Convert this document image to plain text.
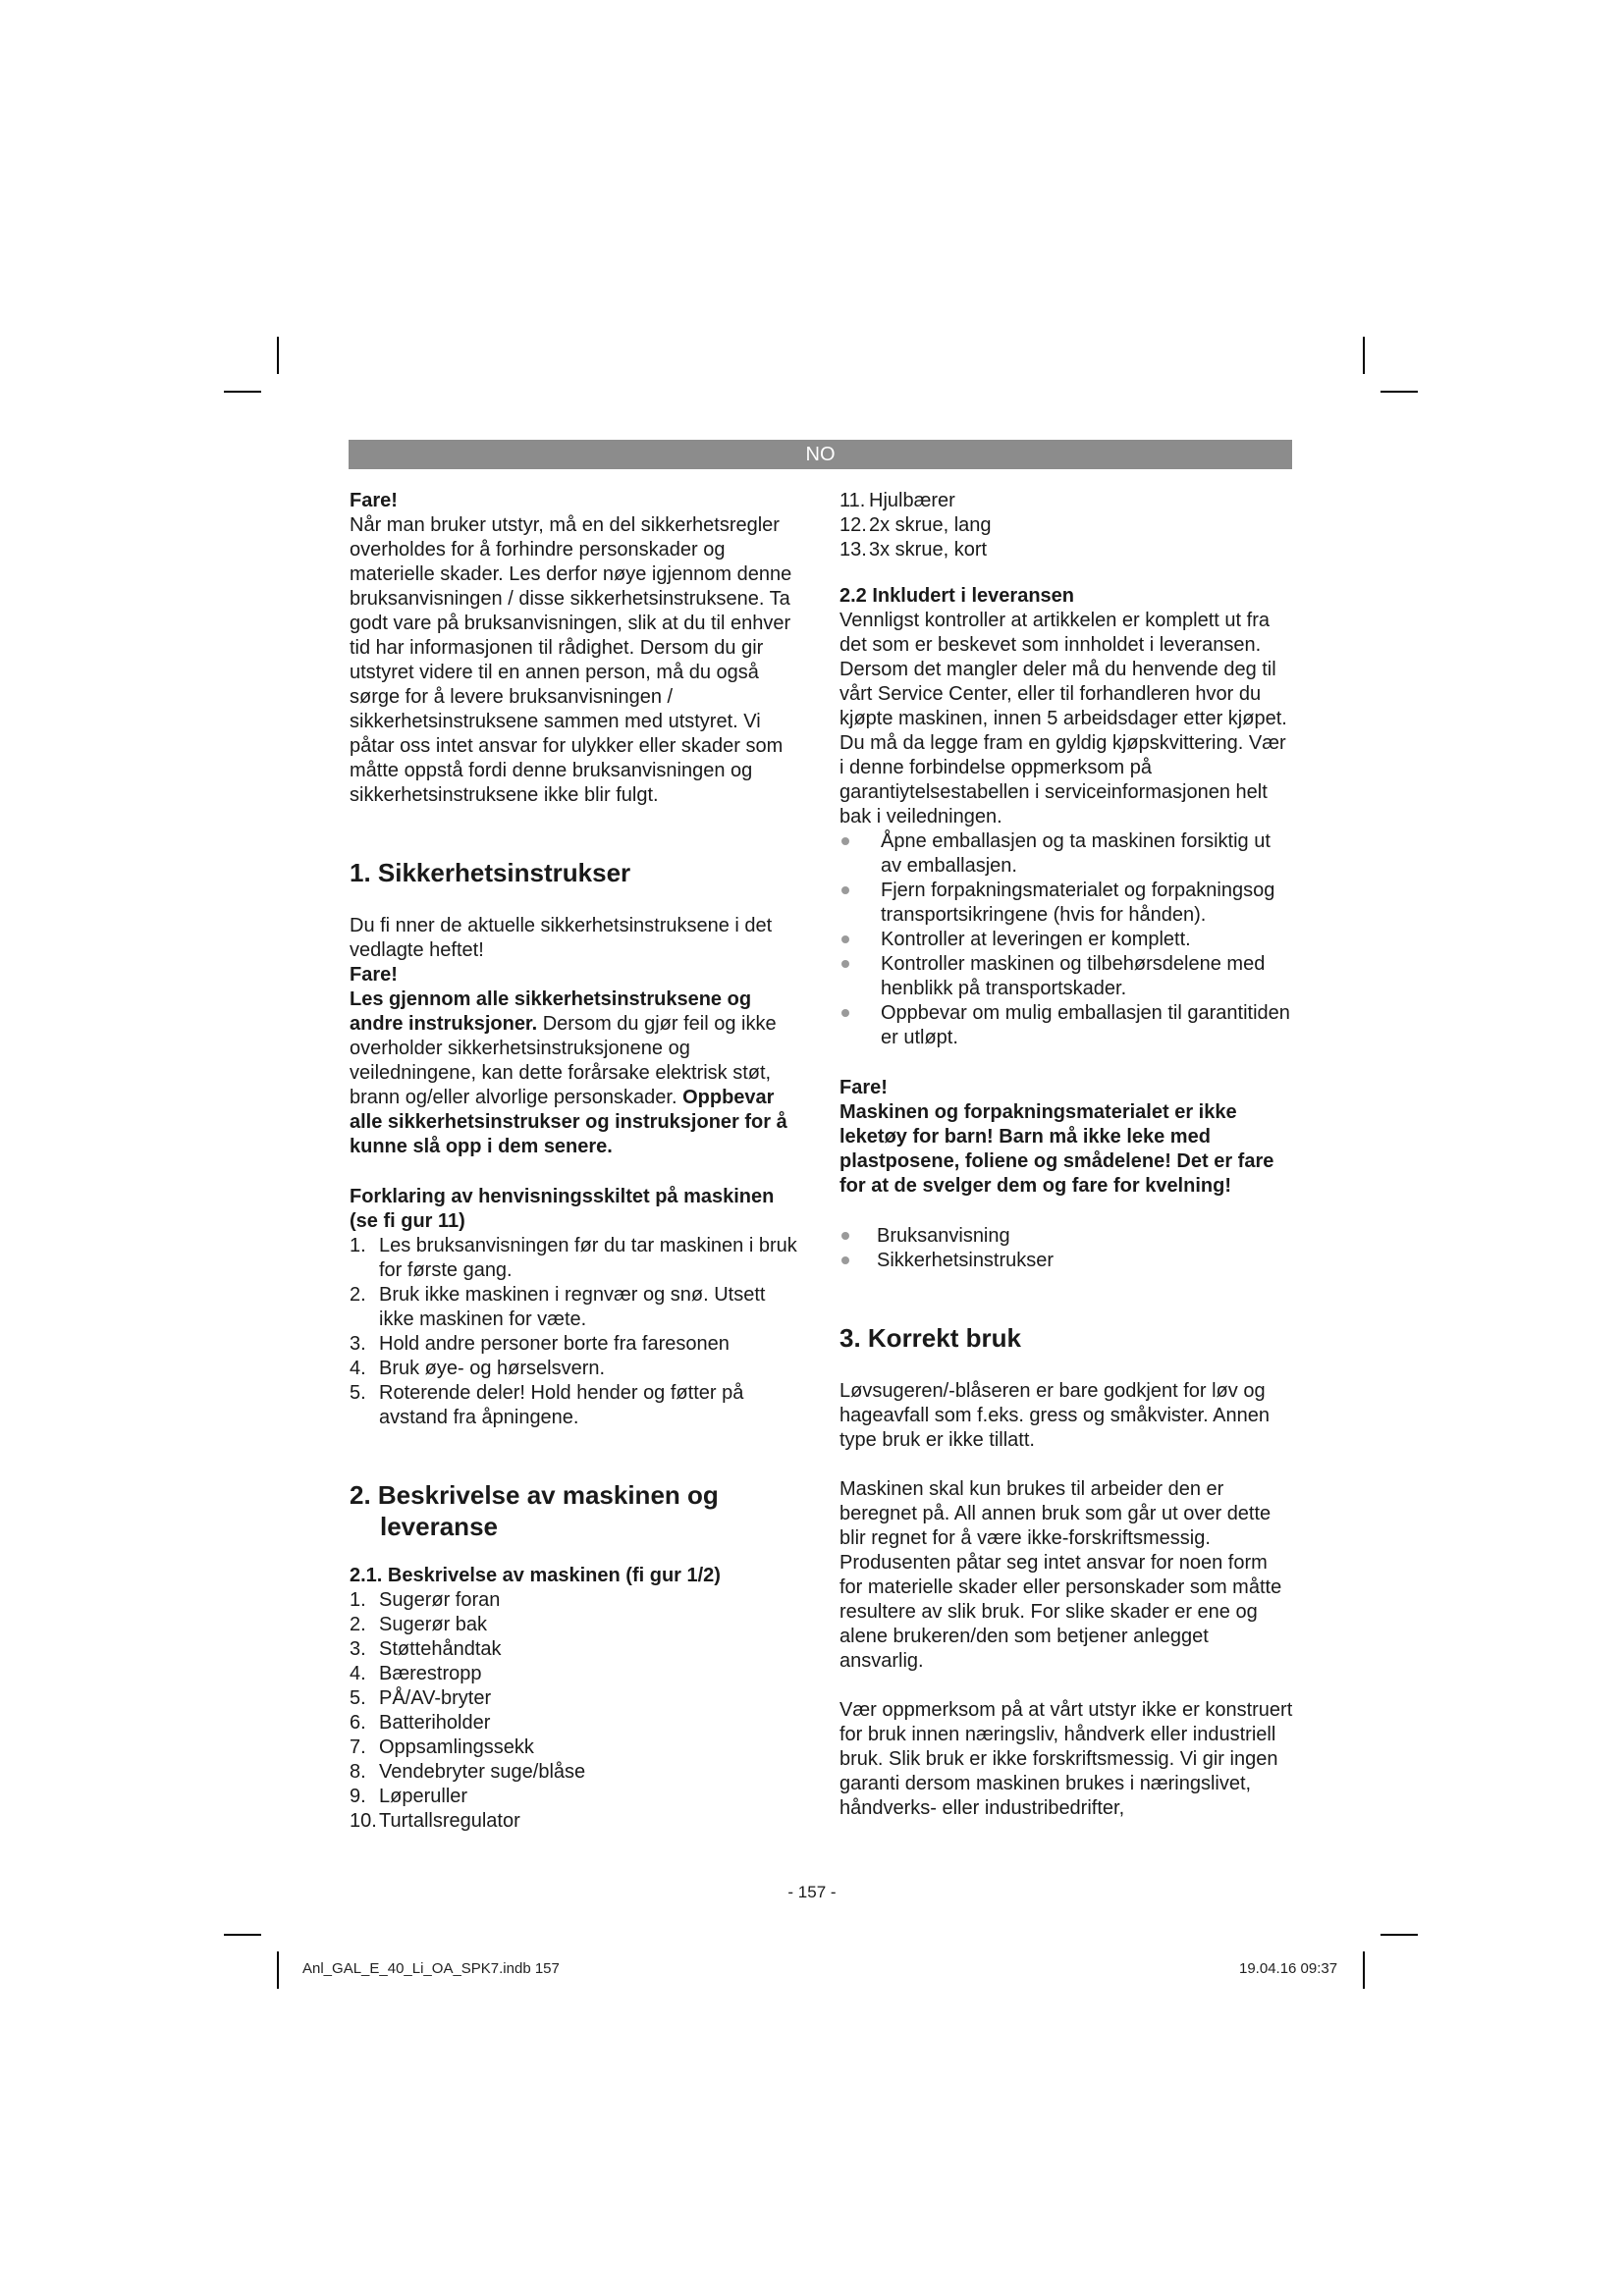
NO

Fare!

Når man bruker utstyr, må en del sikkerhetsregler overholdes for å forhindre personskader og materielle skader. Les derfor nøye igjennom denne bruksanvisningen / disse sikkerhetsinstruksene. Ta godt vare på bruksanvisningen, slik at du til enhver tid har informasjonen til rådighet. Dersom du gir utstyret videre til en annen person, må du også sørge for å levere bruksanvisningen / sikkerhetsinstruksene sammen med utstyret. Vi påtar oss intet ansvar for ulykker eller skader som måtte oppstå fordi denne bruksanvisningen og sikkerhetsinstruksene ikke blir fulgt.

1. Sikkerhetsinstrukser

Du fi nner de aktuelle sikkerhetsinstruksene i det vedlagte heftet!

Fare!

Les gjennom alle sikkerhetsinstruksene og andre instruksjoner. Dersom du gjør feil og ikke overholder sikkerhetsinstruksjonene og veiledningene, kan dette forårsake elektrisk støt, brann og/eller alvorlige personskader. Oppbevar alle sikkerhetsinstrukser og instruksjoner for å kunne slå opp i dem senere.

Forklaring av henvisningsskiltet på maskinen (se fi gur 11)

1. Les bruksanvisningen før du tar maskinen i bruk for første gang.
2. Bruk ikke maskinen i regnvær og snø. Utsett ikke maskinen for væte.
3. Hold andre personer borte fra faresonen
4. Bruk øye- og hørselsvern.
5. Roterende deler! Hold hender og føtter på avstand fra åpningene.
2. Beskrivelse av maskinen og leveranse

2.1. Beskrivelse av maskinen (fi gur 1/2)

1. Sugerør foran
2. Sugerør bak
3. Støttehåndtak
4. Bærestropp
5. PÅ/AV-bryter
6. Batteriholder
7. Oppsamlingssekk
8. Vendebryter suge/blåse
9. Løperuller
10. Turtallsregulator
11. Hjulbærer
12. 2x skrue, lang
13. 3x skrue, kort

2.2 Inkludert i leveransen

Vennligst kontroller at artikkelen er komplett ut fra det som er beskevet som innholdet i leveransen. Dersom det mangler deler må du henvende deg til vårt Service Center, eller til forhandleren hvor du kjøpte maskinen, innen 5 arbeidsdager etter kjøpet. Du må da legge fram en gyldig kjøpskvittering. Vær i denne forbindelse oppmerksom på garantiytelsestabellen i serviceinformasjonen helt bak i veiledningen.

Åpne emballasjen og ta maskinen forsiktig ut av emballasjen.
Fjern forpakningsmaterialet og forpakningsog transportsikringene (hvis for hånden).
Kontroller at leveringen er komplett.
Kontroller maskinen og tilbehørsdelene med henblikk på transportskader.
Oppbevar om mulig emballasjen til garantitiden er utløpt.

Fare!

Maskinen og forpakningsmaterialet er ikke leketøy for barn! Barn må ikke leke med plastposene, foliene og smådelene! Det er fare for at de svelger dem og fare for kvelning!

Bruksanvisning
Sikkerhetsinstrukser
3. Korrekt bruk

Løvsugeren/-blåseren er bare godkjent for løv og hageavfall som f.eks. gress og småkvister. Annen type bruk er ikke tillatt.

Maskinen skal kun brukes til arbeider den er beregnet på. All annen bruk som går ut over dette blir regnet for å være ikke-forskriftsmessig. Produsenten påtar seg intet ansvar for noen form for materielle skader eller personskader som måtte resultere av slik bruk. For slike skader er ene og alene brukeren/den som betjener anlegget ansvarlig.

Vær oppmerksom på at vårt utstyr ikke er konstruert for bruk innen næringsliv, håndverk eller industriell bruk. Slik bruk er ikke forskriftsmessig. Vi gir ingen garanti dersom maskinen brukes i næringslivet, håndverks- eller industribedrifter,

- 157 -
Anl_GAL_E_40_Li_OA_SPK7.indb 157	19.04.16 09:37
